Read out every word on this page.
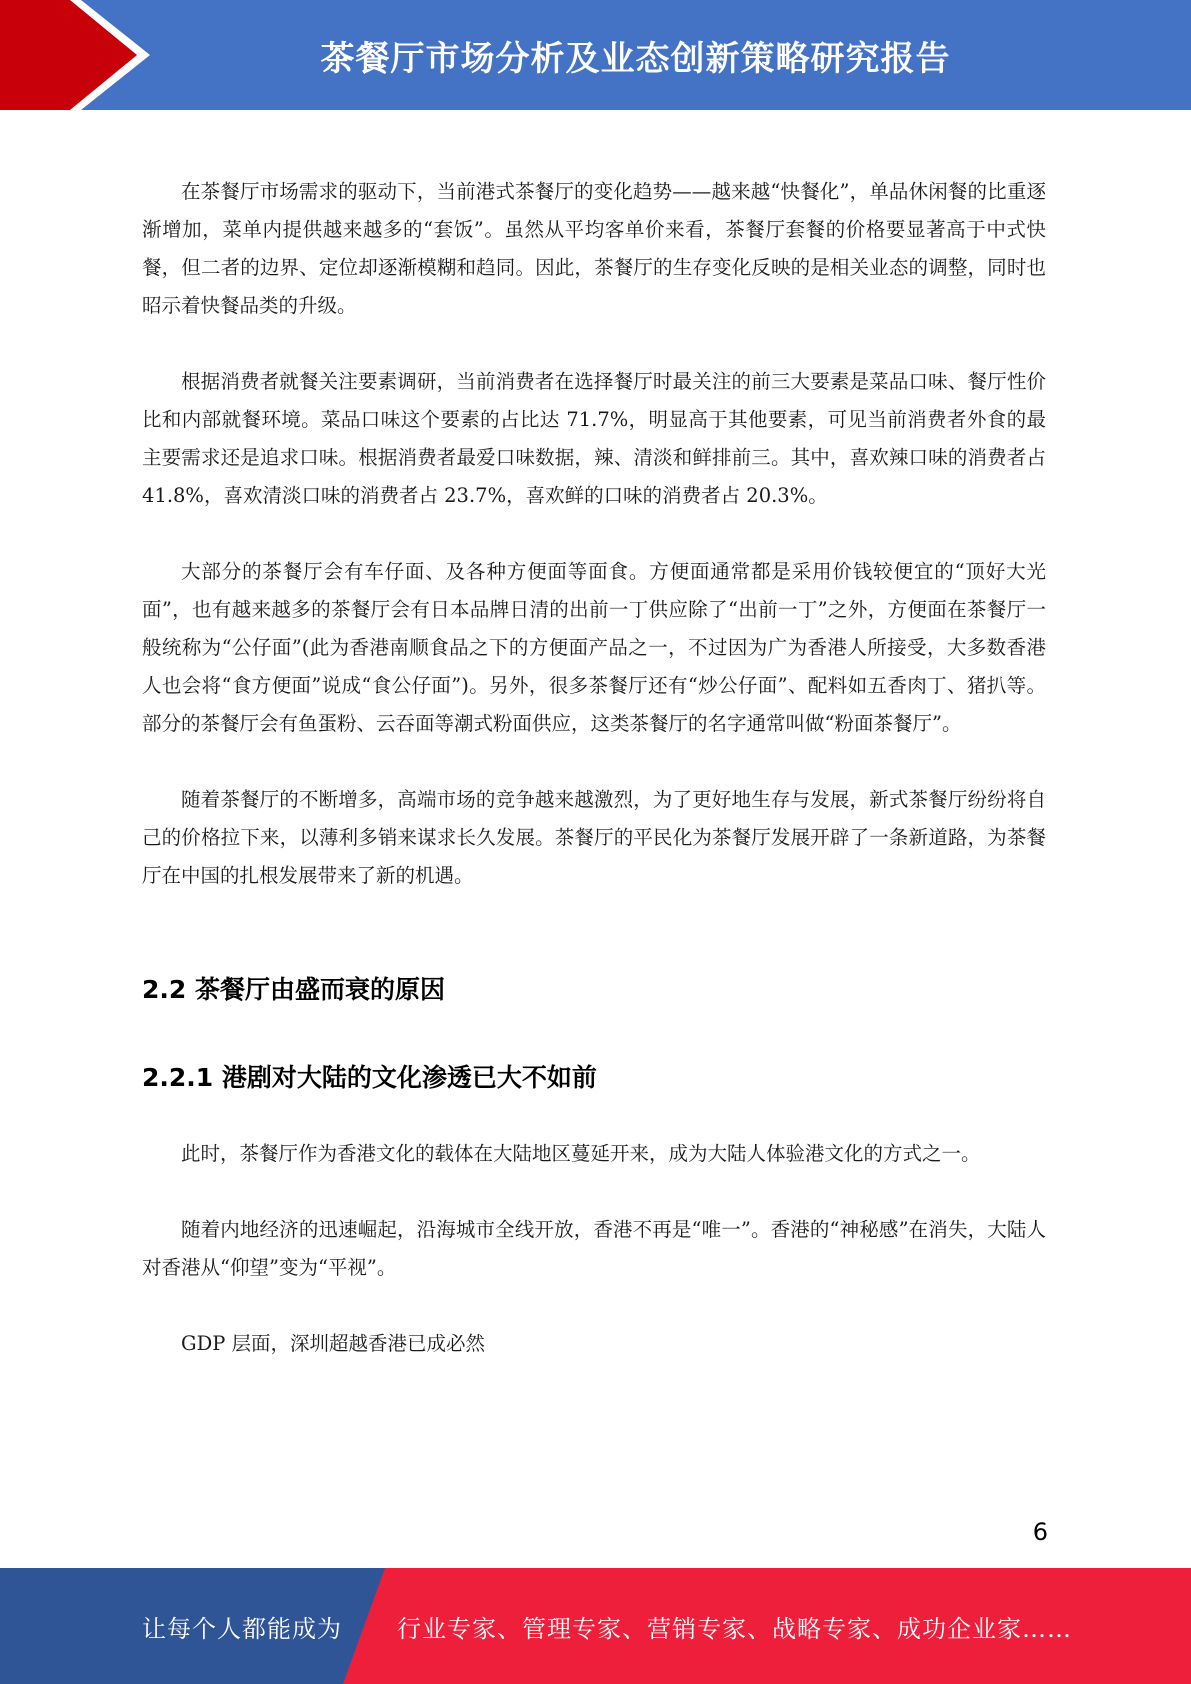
茶餐厅市场分析及业态创新策略研究报告

在茶餐厅市场需求的驱动下，当前港式茶餐厅的变化趋势——越来越“快餐化”，单品休闲餐的比重逐渐增加，菜单内提供越来越多的“套饭”。虽然从平均客单价来看，茶餐厅套餐的价格要显著高于中式快餐，但二者的边界、定位却逐渐模糊和趋同。因此，茶餐厅的生存变化反映的是相关业态的调整，同时也昭示着快餐品类的升级。

根据消费者就餐关注要素调研，当前消费者在选择餐厅时最关注的前三大要素是菜品口味、餐厅性价比和内部就餐环境。菜品口味这个要素的占比达 71.7%，明显高于其他要素，可见当前消费者外食的最主要需求还是追求口味。根据消费者最爱口味数据，辣、清淡和鲜排前三。其中，喜欢辣口味的消费者占 41.8%，喜欢清淡口味的消费者占 23.7%，喜欢鲜的口味的消费者占 20.3%。

大部分的茶餐厅会有车仔面、及各种方便面等面食。方便面通常都是采用价钱较便宜的“顶好大光面”，也有越来越多的茶餐厅会有日本品牌日清的出前一丁供应除了“出前一丁”之外，方便面在茶餐厅一般统称为“公仔面”(此为香港南顺食品之下的方便面产品之一，不过因为广为香港人所接受，大多数香港人也会将“食方便面”说成“食公仔面”)。另外，很多茶餐厅还有“炒公仔面”、配料如五香肉丁、猪扒等。部分的茶餐厅会有鱼蛋粉、云吞面等潮式粉面供应，这类茶餐厅的名字通常叫做“粉面茶餐厅”。

随着茶餐厅的不断增多，高端市场的竞争越来越激烈，为了更好地生存与发展，新式茶餐厅纷纷将自己的价格拉下来，以薄利多销来谋求长久发展。茶餐厅的平民化为茶餐厅发展开辟了一条新道路，为茶餐厅在中国的扎根发展带来了新的机遇。

2.2 茶餐厅由盛而衰的原因
2.2.1 港剧对大陆的文化渗透已大不如前

此时，茶餐厅作为香港文化的载体在大陆地区蔓延开来，成为大陆人体验港文化的方式之一。

随着内地经济的迅速崛起，沿海城市全线开放，香港不再是“唯一”。香港的“神秘感”在消失，大陆人对香港从“仰望”变为“平视”。

GDP 层面，深圳超越香港已成必然

6
让每个人都能成为 行业专家、管理专家、营销专家、战略专家、成功企业家……
